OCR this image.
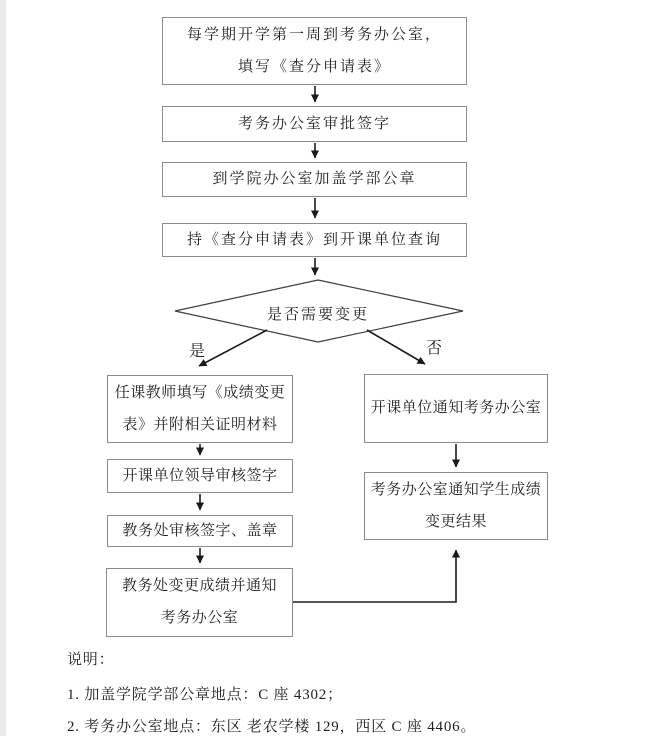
每学期开学第一周到考务办公室，
填写《查分申请表》
考务办公室审批签字
到学院办公室加盖学部公章
持《查分申请表》到开课单位查询
是否需要变更
是	否
任课教师填写《成绩变更
表》并附相关证明材料
开课单位领导审核签字
教务处审核签字、盖章
教务处变更成绩并通知
考务办公室
开课单位通知考务办公室
考务办公室通知学生成绩
变更结果
说明：
1. 加盖学院学部公章地点：C 座 4302；
2. 考务办公室地点：东区 老农学楼 129，西区 C 座 4406。
